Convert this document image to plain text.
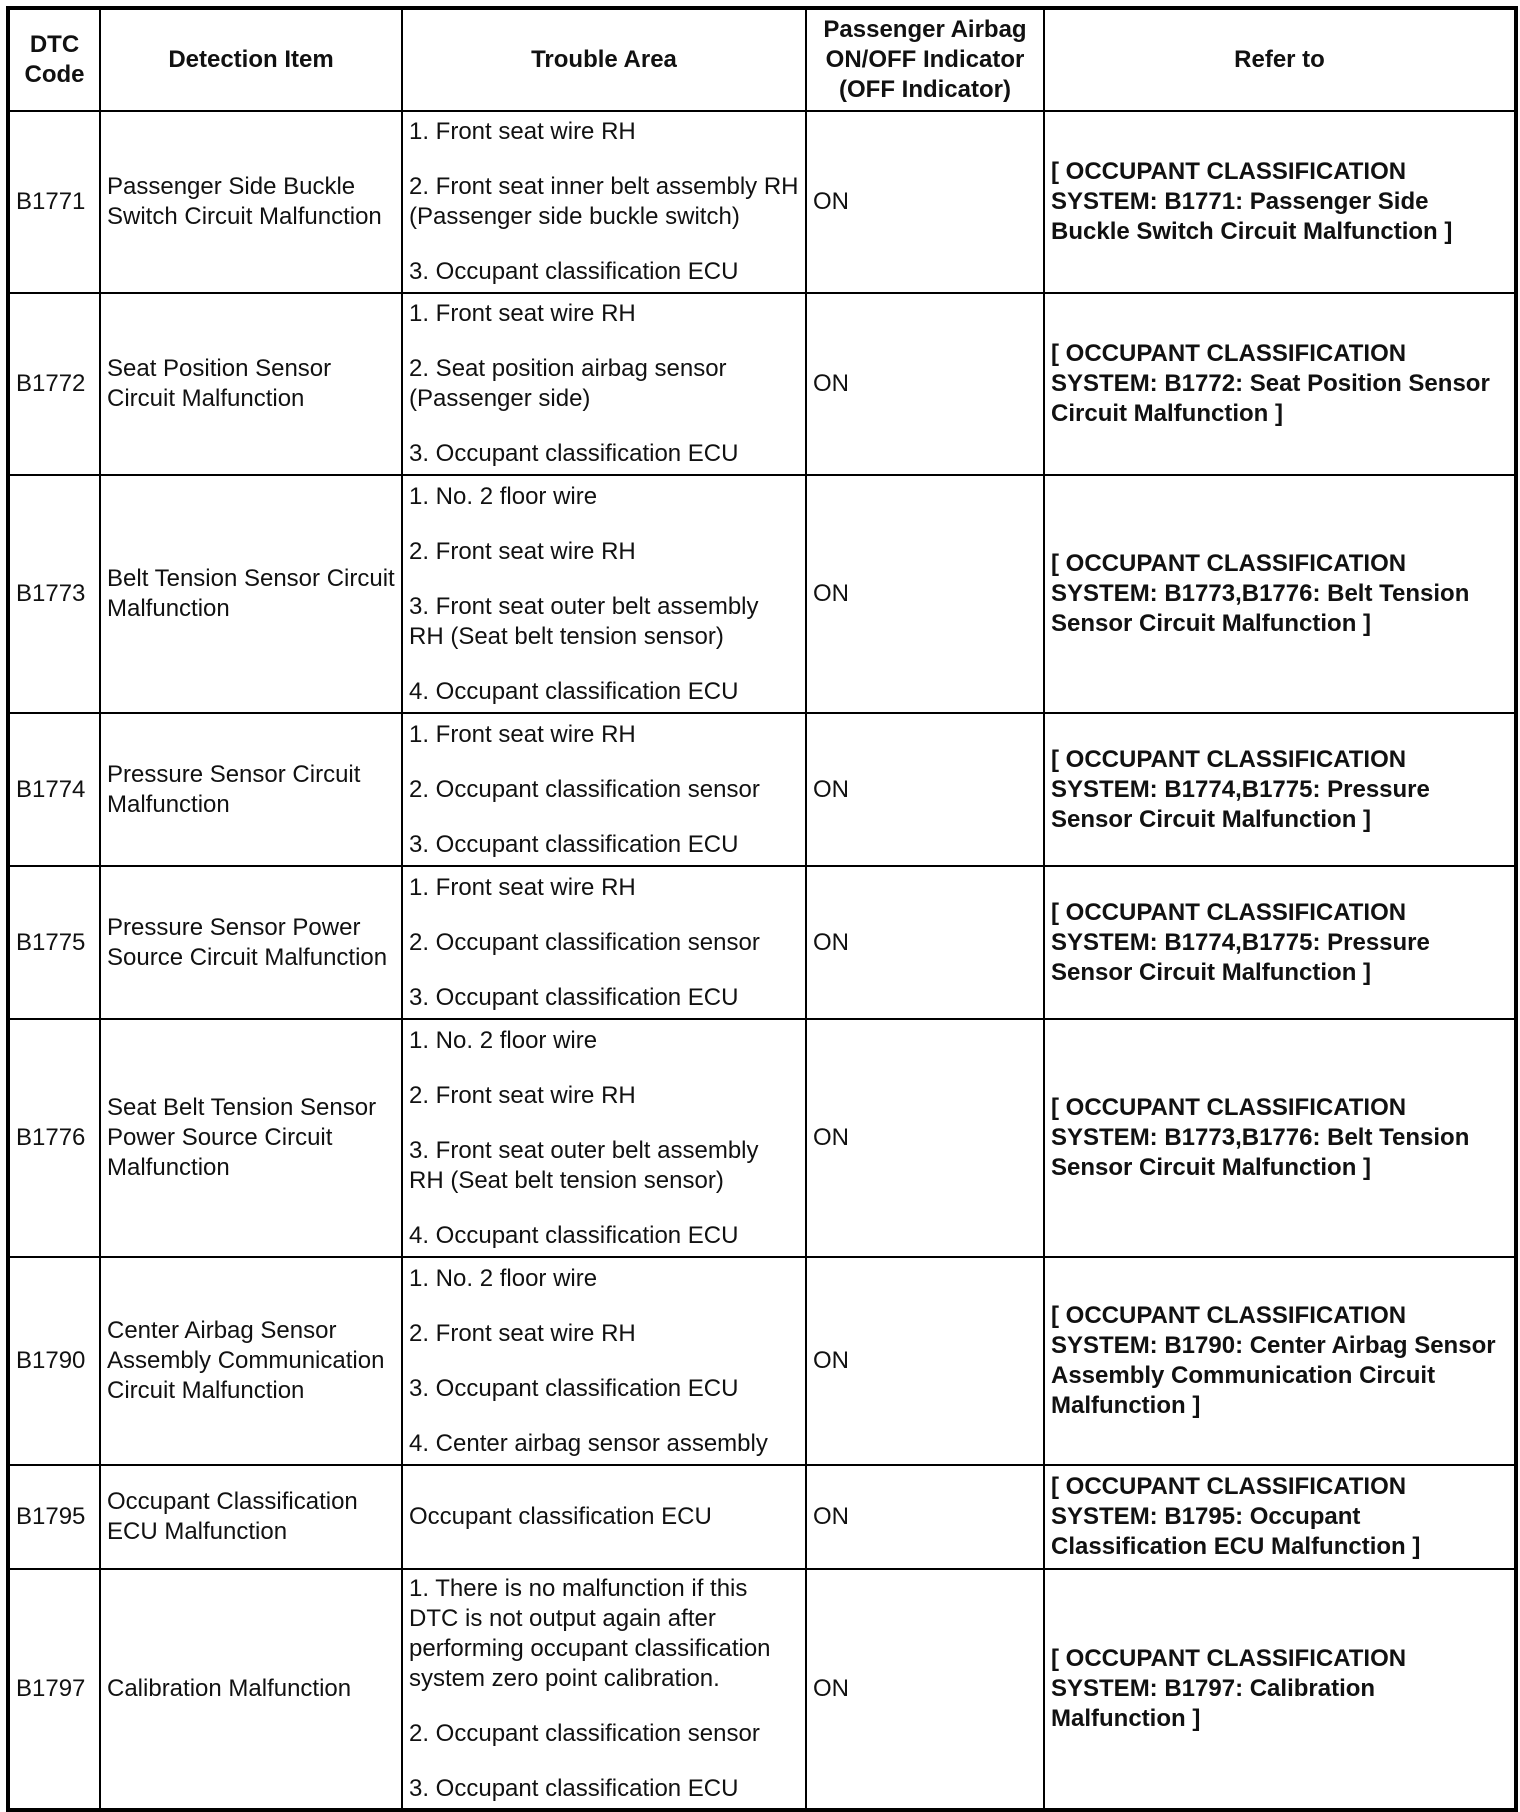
DTC Code	Detection Item	Trouble Area	Passenger Airbag ON/OFF Indicator (OFF Indicator)	Refer to
B1771	Passenger Side Buckle Switch Circuit Malfunction	1. Front seat wire RH

2. Front seat inner belt assembly RH (Passenger side buckle switch)

3. Occupant classification ECU	ON	[ OCCUPANT CLASSIFICATION SYSTEM: B1771: Passenger Side Buckle Switch Circuit Malfunction ]
B1772	Seat Position Sensor Circuit Malfunction	1. Front seat wire RH

2. Seat position airbag sensor (Passenger side)

3. Occupant classification ECU	ON	[ OCCUPANT CLASSIFICATION SYSTEM: B1772: Seat Position Sensor Circuit Malfunction ]
B1773	Belt Tension Sensor Circuit Malfunction	1. No. 2 floor wire

2. Front seat wire RH

3. Front seat outer belt assembly RH (Seat belt tension sensor)

4. Occupant classification ECU	ON	[ OCCUPANT CLASSIFICATION SYSTEM: B1773,B1776: Belt Tension Sensor Circuit Malfunction ]
B1774	Pressure Sensor Circuit Malfunction	1. Front seat wire RH

2. Occupant classification sensor

3. Occupant classification ECU	ON	[ OCCUPANT CLASSIFICATION SYSTEM: B1774,B1775: Pressure Sensor Circuit Malfunction ]
B1775	Pressure Sensor Power Source Circuit Malfunction	1. Front seat wire RH

2. Occupant classification sensor

3. Occupant classification ECU	ON	[ OCCUPANT CLASSIFICATION SYSTEM: B1774,B1775: Pressure Sensor Circuit Malfunction ]
B1776	Seat Belt Tension Sensor Power Source Circuit Malfunction	1. No. 2 floor wire

2. Front seat wire RH

3. Front seat outer belt assembly RH (Seat belt tension sensor)

4. Occupant classification ECU	ON	[ OCCUPANT CLASSIFICATION SYSTEM: B1773,B1776: Belt Tension Sensor Circuit Malfunction ]
B1790	Center Airbag Sensor Assembly Communication Circuit Malfunction	1. No. 2 floor wire

2. Front seat wire RH

3. Occupant classification ECU

4. Center airbag sensor assembly	ON	[ OCCUPANT CLASSIFICATION SYSTEM: B1790: Center Airbag Sensor Assembly Communication Circuit Malfunction ]
B1795	Occupant Classification ECU Malfunction	Occupant classification ECU	ON	[ OCCUPANT CLASSIFICATION SYSTEM: B1795: Occupant Classification ECU Malfunction ]
B1797	Calibration Malfunction	1. There is no malfunction if this DTC is not output again after performing occupant classification system zero point calibration.

2. Occupant classification sensor

3. Occupant classification ECU	ON	[ OCCUPANT CLASSIFICATION SYSTEM: B1797: Calibration Malfunction ]
